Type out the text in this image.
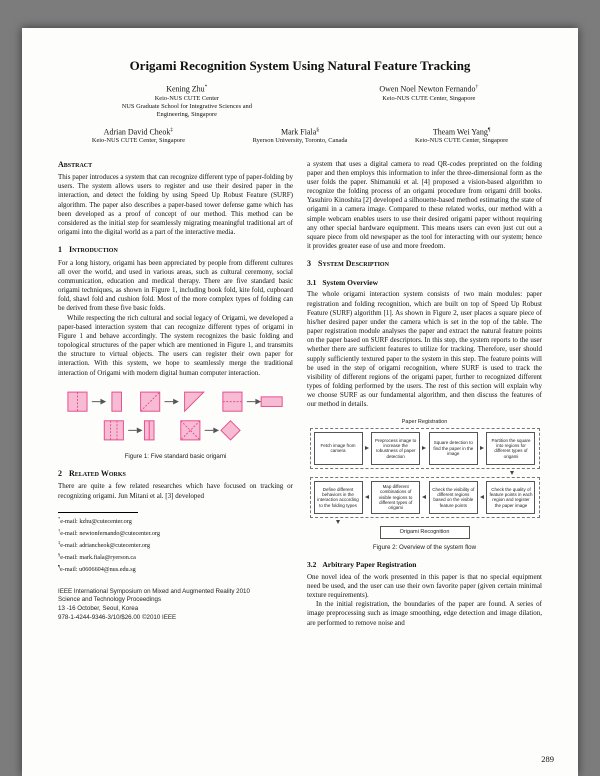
Origami Recognition System Using Natural Feature Tracking
Kening Zhu*
Keio-NUS CUTE Center
NUS Graduate School for Integrative Sciences and
Engineering, Singapore
Owen Noel Newton Fernando†
Keio-NUS CUTE Center, Singapore
Adrian David Cheok‡
Keio-NUS CUTE Center, Singapore
Mark Fiala§
Ryerson University, Toronto, Canada
Theam Wei Yang¶
Keio-NUS CUTE Center, Singapore
Abstract

This paper introduces a system that can recognize different type of paper-folding by users. The system allows users to register and use their desired paper in the interaction, and detect the folding by using Speed Up Robust Feature (SURF) algorithm. The paper also describes a paper-based tower defense game which has been developed as a proof of concept of our method. This method can be considered as the initial step for seamlessly migrating meaningful traditional art of origami into the digital world as a part of the interactive media.

1 Introduction

For a long history, origami has been appreciated by people from different cultures all over the world, and used in various areas, such as cultural ceremony, social communication, education and medical therapy. There are five standard basic origami techniques, as shown in Figure 1, including book fold, kite fold, cupboard fold, shawl fold and cushion fold. Most of the more complex types of folding can be derived from these five basic folds.

While respecting the rich cultural and social legacy of Origami, we developed a paper-based interaction system that can recognize different types of origami in Figure 1 and behave accordingly. The system recognizes the basic folding and topological structures of the paper which are mentioned in Figure 1, and transmits the structure to virtual objects. The users can register their own paper for interaction. With this system, we hope to seamlessly merge the traditional interaction of Origami with modern digital human computer interaction.

Figure 1: Five standard basic origami
2 Related Works

There are quite a few related researches which have focused on tracking or recognizing origami. Jun Mitani et al. [3] developed

*e-mail: kzhu@cutecenter.org
†e-mail: newtonfernando@cutecenter.org
‡e-mail: adriancheok@cutecenter.org
§e-mail: mark.fiala@ryerson.ca
¶e-mail: u0606604@nus.edu.sg
IEEE International Symposium on Mixed and Augmented Reality 2010
Science and Technology Proceedings
13 -16 October, Seoul, Korea
978-1-4244-9346-3/10/$26.00 ©2010 IEEE

a system that uses a digital camera to read QR-codes preprinted on the folding paper and then employs this information to infer the three-dimensional form as the user folds the paper. Shimanuki et al. [4] proposed a vision-based algorithm to recognize the folding process of an origami procedure from origami drill books. Yasuhiro Kinoshita [2] developed a silhouette-based method estimating the state of origami in a camera image. Compared to these related works, our method with a simple webcam enables users to use their desired origami paper without requiring any other special hardware equipment. This means users can even just cut out a square piece from old newspaper as the tool for interacting with our system; hence it provides greater ease of use and more freedom.

3 System Description
3.1 System Overview

The whole origami interaction system consists of two main modules: paper registration and folding recognition, which are built on top of Speed Up Robust Feature (SURF) algorithm [1]. As shown in Figure 2, user places a square piece of his/her desired paper under the camera which is set in the top of the table. The paper registration module analyses the paper and extract the natural feature points on the paper based on SURF descriptors. In this step, the system reports to the user whether there are sufficient features to utilize for tracking. Therefore, user should supply sufficiently textured paper to the system in this step. The feature points will be used in the step of origami recognition, where SURF is used to track the visibility of different regions of the origami paper, further to recognized different types of folding performed by the users. The rest of this section will explain why we choose SURF as our fundamental algorithm, and then discuss the features of our method in details.

Paper Registration
Fetch image from camera
Preprocess image to increase the robustness of paper detection
Square detection to find the paper in the image
Partition the square into regions for different types of origami
Define different behaviors in the interaction according to the folding types
Map different combinations of visible regions to different types of origami
Check the visibility of different regions based on the visible feature points
Check the quality of feature points in each region and register the paper image
Origami Recognition
Figure 2: Overview of the system flow
3.2 Arbitrary Paper Registration

One novel idea of the work presented in this paper is that no special equipment need be used, and the user can use their own favorite paper (given certain minimal texture requirements).

In the initial registration, the boundaries of the paper are found. A series of image preprocessing such as image smoothing, edge detection and image dilation, are performed to remove noise and

289
